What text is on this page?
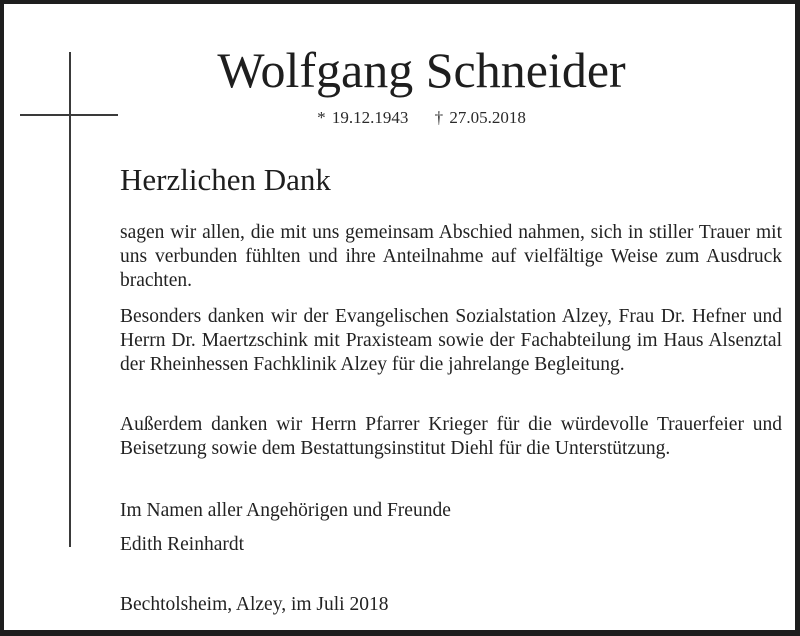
Wolfgang Schneider
* 19.12.1943 † 27.05.2018
Herzlichen Dank
sagen wir allen, die mit uns gemeinsam Abschied nahmen, sich in stiller Trauer mit uns verbunden fühlten und ihre Anteilnahme auf vielfältige Weise zum Ausdruck brachten.
Besonders danken wir der Evangelischen Sozialstation Alzey, Frau Dr. Hefner und Herrn Dr. Maertzschink mit Praxisteam sowie der Fachabteilung im Haus Alsenztal der Rheinhessen Fachklinik Alzey für die jahrelange Begleitung.
Außerdem danken wir Herrn Pfarrer Krieger für die würdevolle Trauerfeier und Beisetzung sowie dem Bestattungsinstitut Diehl für die Unterstützung.
Im Namen aller Angehörigen und Freunde
Edith Reinhardt
Bechtolsheim, Alzey, im Juli 2018
